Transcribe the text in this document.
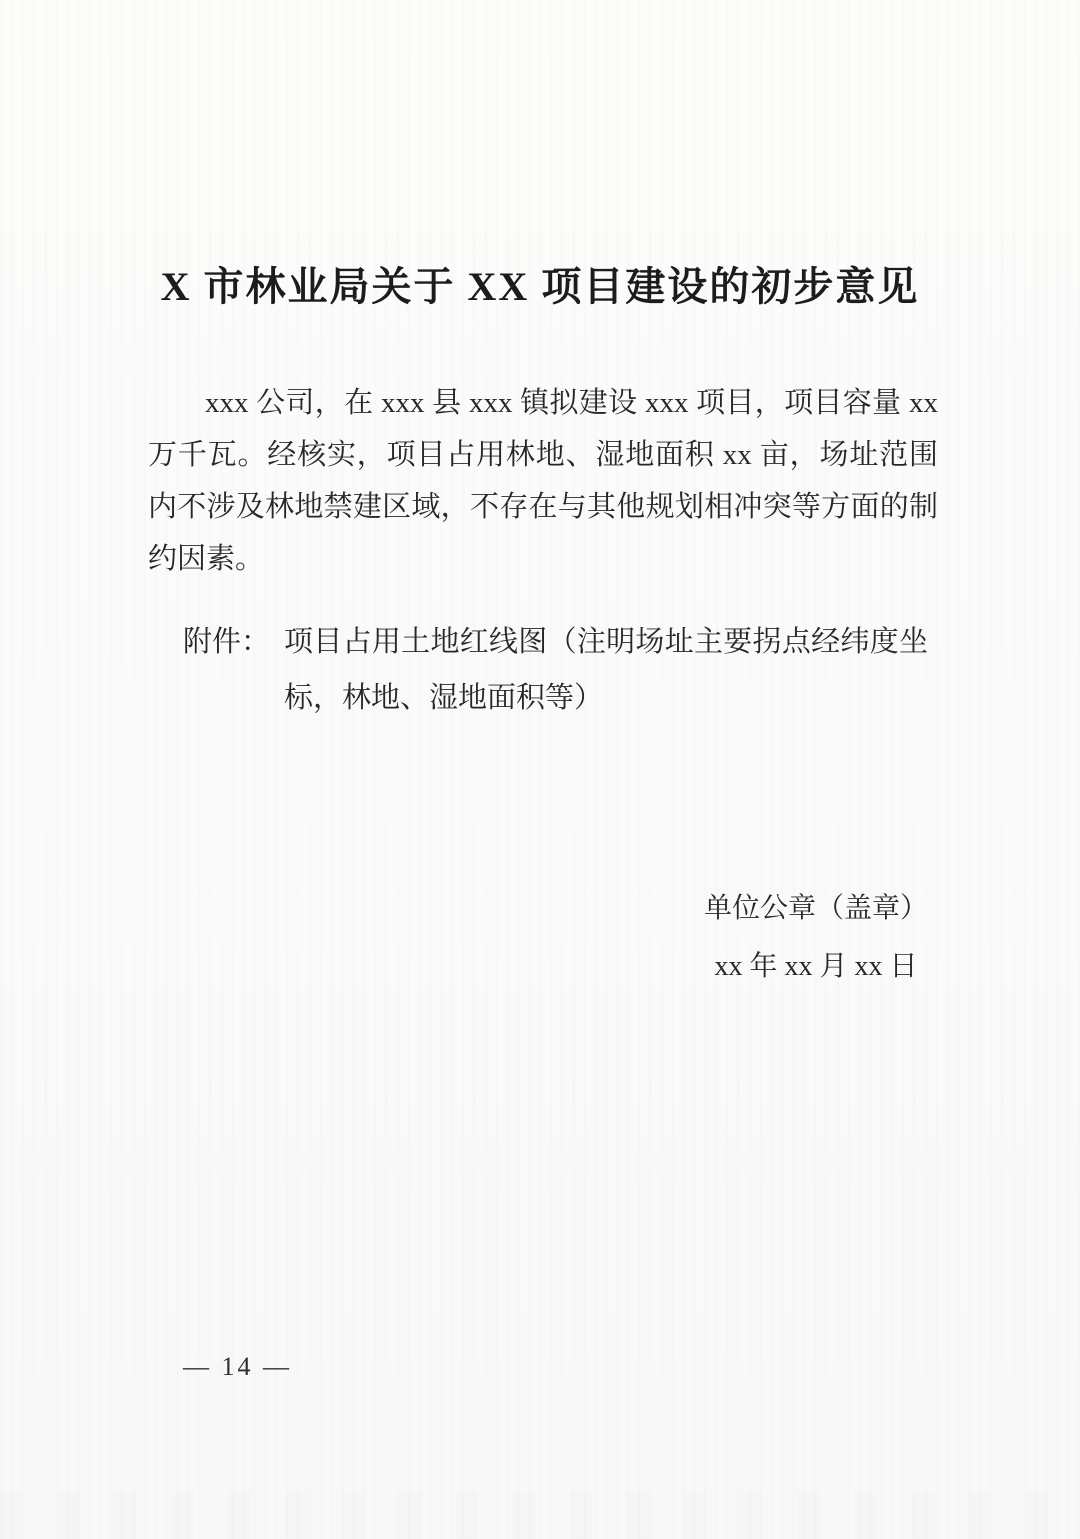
X 市林业局关于 XX 项目建设的初步意见

xxx 公司，在 xxx 县 xxx 镇拟建设 xxx 项目，项目容量 xx 万千瓦。经核实，项目占用林地、湿地面积 xx 亩，场址范围内不涉及林地禁建区域，不存在与其他规划相冲突等方面的制约因素。

附件： 项目占用土地红线图（注明场址主要拐点经纬度坐标，林地、湿地面积等）
单位公章（盖章）
xx 年 xx 月 xx 日
— 14 —
